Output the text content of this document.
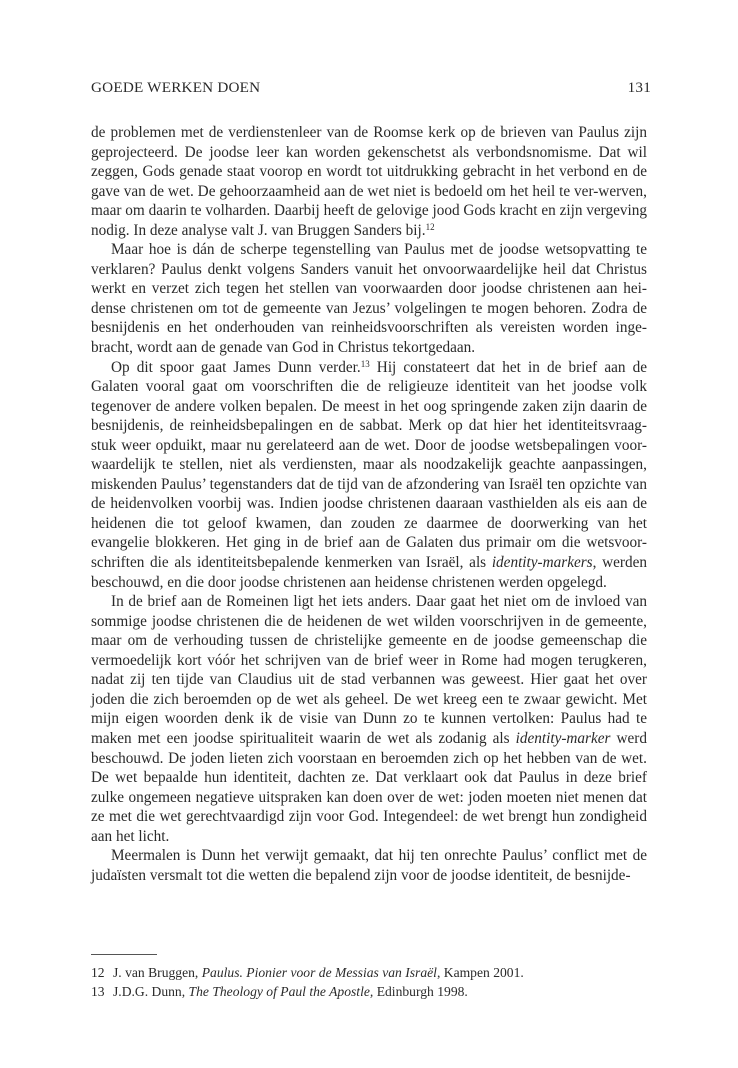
GOEDE WERKEN DOEN	131

de problemen met de verdienstenleer van de Roomse kerk op de brieven van Paulus zijn geprojecteerd. De joodse leer kan worden gekenschetst als verbondsnomisme. Dat wil zeggen, Gods genade staat voorop en wordt tot uitdrukking gebracht in het verbond en de gave van de wet. De gehoorzaamheid aan de wet niet is bedoeld om het heil te ver-werven, maar om daarin te volharden. Daarbij heeft de gelovige jood Gods kracht en zijn vergeving nodig. In deze analyse valt J. van Bruggen Sanders bij.$^{12}$

Maar hoe is dán de scherpe tegenstelling van Paulus met de joodse wetsopvatting te verklaren? Paulus denkt volgens Sanders vanuit het onvoorwaardelijke heil dat Christus werkt en verzet zich tegen het stellen van voorwaarden door joodse christenen aan hei-dense christenen om tot de gemeente van Jezus’ volgelingen te mogen behoren. Zodra de besnijdenis en het onderhouden van reinheidsvoorschriften als vereisten worden inge-bracht, wordt aan de genade van God in Christus tekortgedaan.

Op dit spoor gaat James Dunn verder.$^{13}$ Hij constateert dat het in de brief aan de Galaten vooral gaat om voorschriften die de religieuze identiteit van het joodse volk tegenover de andere volken bepalen. De meest in het oog springende zaken zijn daarin de besnijdenis, de reinheidsbepalingen en de sabbat. Merk op dat hier het identiteitsvraag-stuk weer opduikt, maar nu gerelateerd aan de wet. Door de joodse wetsbepalingen voor-waardelijk te stellen, niet als verdiensten, maar als noodzakelijk geachte aanpassingen, miskenden Paulus’ tegenstanders dat de tijd van de afzondering van Israël ten opzichte van de heidenvolken voorbij was. Indien joodse christenen daaraan vasthielden als eis aan de heidenen die tot geloof kwamen, dan zouden ze daarmee de doorwerking van het evangelie blokkeren. Het ging in de brief aan de Galaten dus primair om die wetsvoor-schriften die als identiteitsbepalende kenmerken van Israël, als identity-markers, werden beschouwd, en die door joodse christenen aan heidense christenen werden opgelegd.

In de brief aan de Romeinen ligt het iets anders. Daar gaat het niet om de invloed van sommige joodse christenen die de heidenen de wet wilden voorschrijven in de gemeente, maar om de verhouding tussen de christelijke gemeente en de joodse gemeenschap die vermoedelijk kort vóór het schrijven van de brief weer in Rome had mogen terugkeren, nadat zij ten tijde van Claudius uit de stad verbannen was geweest. Hier gaat het over joden die zich beroemden op de wet als geheel. De wet kreeg een te zwaar gewicht. Met mijn eigen woorden denk ik de visie van Dunn zo te kunnen vertolken: Paulus had te maken met een joodse spiritualiteit waarin de wet als zodanig als identity-marker werd beschouwd. De joden lieten zich voorstaan en beroemden zich op het hebben van de wet. De wet bepaalde hun identiteit, dachten ze. Dat verklaart ook dat Paulus in deze brief zulke ongemeen negatieve uitspraken kan doen over de wet: joden moeten niet menen dat ze met die wet gerechtvaardigd zijn voor God. Integendeel: de wet brengt hun zondigheid aan het licht.

Meermalen is Dunn het verwijt gemaakt, dat hij ten onrechte Paulus’ conflict met de judaïsten versmalt tot die wetten die bepalend zijn voor de joodse identiteit, de besnijde-

12 J. van Bruggen, Paulus. Pionier voor de Messias van Israël, Kampen 2001.
13 J.D.G. Dunn, The Theology of Paul the Apostle, Edinburgh 1998.
